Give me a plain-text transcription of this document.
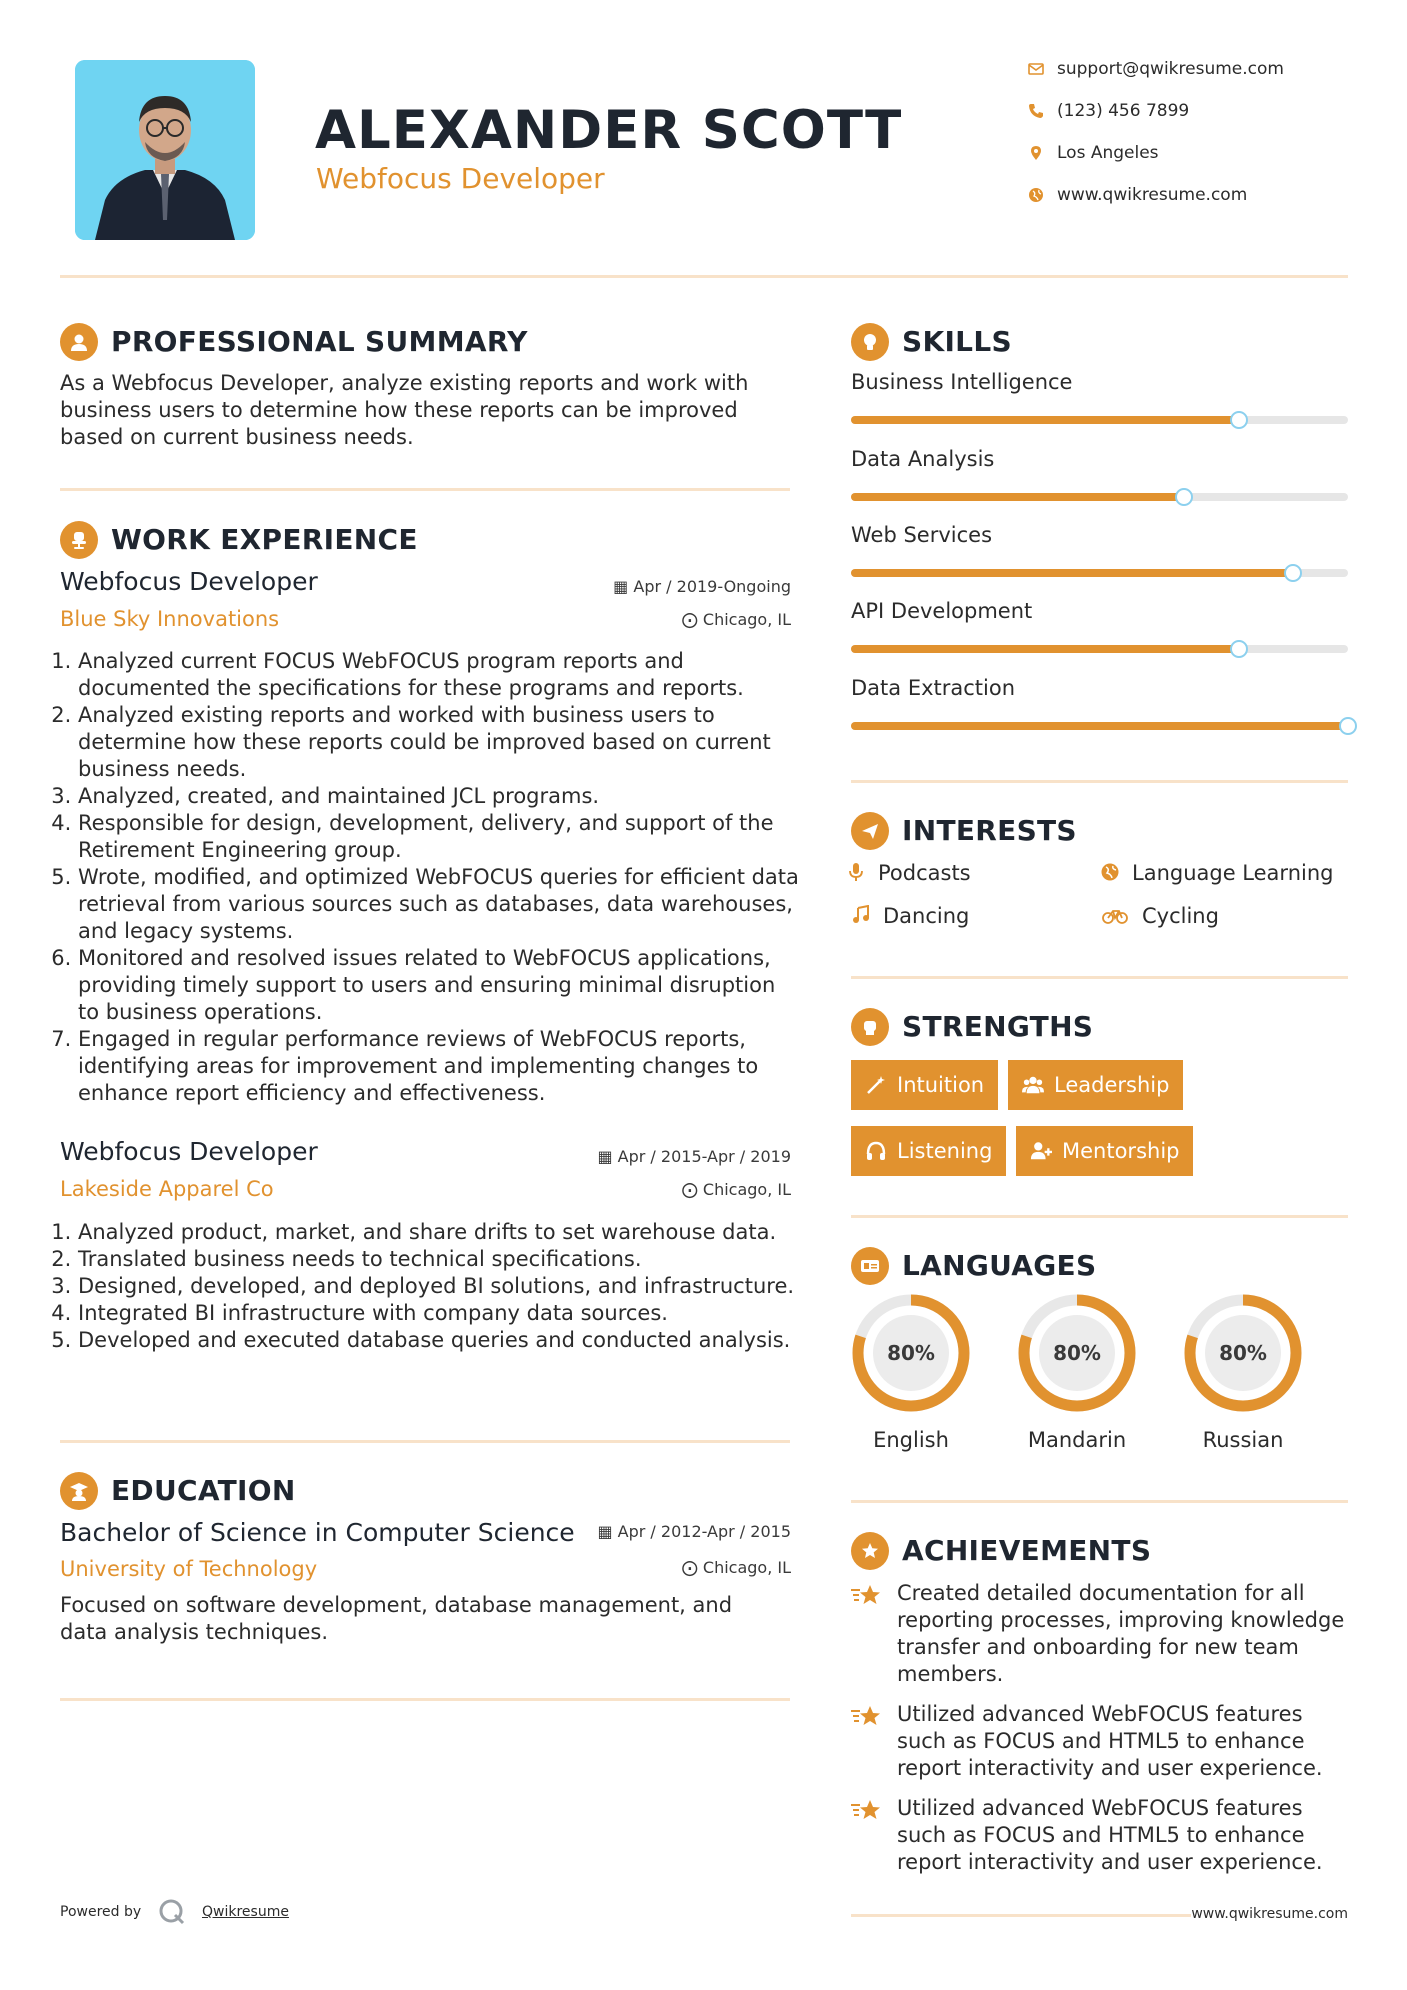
ALEXANDER SCOTT
Webfocus Developer
support@qwikresume.com
(123) 456 7899
Los Angeles
www.qwikresume.com
PROFESSIONAL SUMMARY
As a Webfocus Developer, analyze existing reports and work with business users to determine how these reports can be improved based on current business needs.
WORK EXPERIENCE
Webfocus Developer	▦ Apr / 2019-Ongoing
Blue Sky Innovations	⨀ Chicago, IL
1. Analyzed current FOCUS WebFOCUS program reports and documented the specifications for these programs and reports.
2. Analyzed existing reports and worked with business users to determine how these reports could be improved based on current business needs.
3. Analyzed, created, and maintained JCL programs.
4. Responsible for design, development, delivery, and support of the Retirement Engineering group.
5. Wrote, modified, and optimized WebFOCUS queries for efficient data retrieval from various sources such as databases, data warehouses, and legacy systems.
6. Monitored and resolved issues related to WebFOCUS applications, providing timely support to users and ensuring minimal disruption to business operations.
7. Engaged in regular performance reviews of WebFOCUS reports, identifying areas for improvement and implementing changes to enhance report efficiency and effectiveness.
Webfocus Developer	▦ Apr / 2015-Apr / 2019
Lakeside Apparel Co	⨀ Chicago, IL
1. Analyzed product, market, and share drifts to set warehouse data.
2. Translated business needs to technical specifications.
3. Designed, developed, and deployed BI solutions, and infrastructure.
4. Integrated BI infrastructure with company data sources.
5. Developed and executed database queries and conducted analysis.
EDUCATION
Bachelor of Science in Computer Science ▦ Apr / 2012-Apr / 2015
University of Technology	⨀ Chicago, IL
Focused on software development, database management, and data analysis techniques.
Powered by	Qwikresume
SKILLS
Business Intelligence
Data Analysis
Web Services
API Development
Data Extraction
INTERESTS
Podcasts	Language Learning
Dancing	Cycling
STRENGTHS
Intuition	Leadership
Listening	Mentorship
LANGUAGES
80%
English
80%
Mandarin
80%
Russian
ACHIEVEMENTS
Created detailed documentation for all reporting processes, improving knowledge transfer and onboarding for new team members.
Utilized advanced WebFOCUS features such as FOCUS and HTML5 to enhance report interactivity and user experience.
Utilized advanced WebFOCUS features such as FOCUS and HTML5 to enhance report interactivity and user experience.
www.qwikresume.com
